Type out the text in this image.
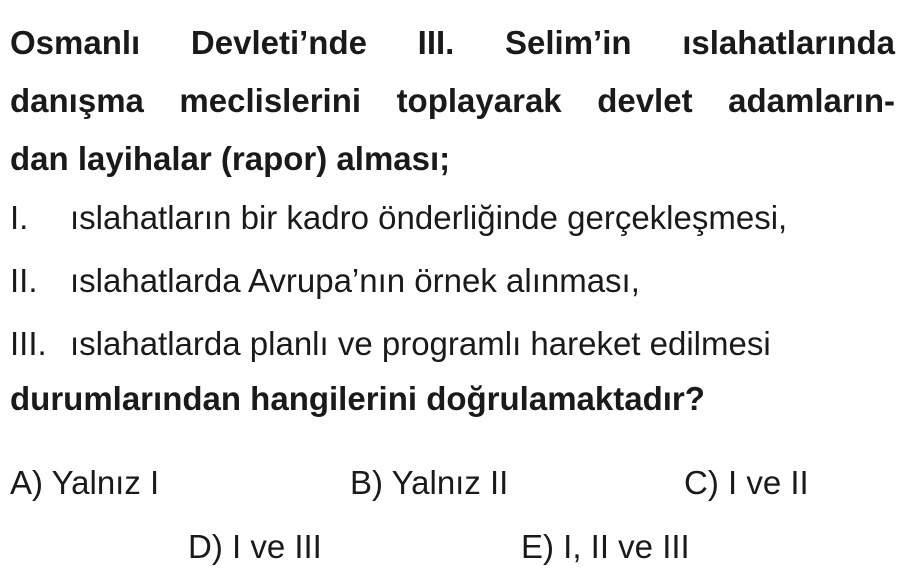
Osmanlı Devleti’nde III. Selim’in ıslahatlarında
danışma meclislerini toplayarak devlet adamların-
dan layihalar (rapor) alması;
I.	ıslahatların bir kadro önderliğinde gerçekleşmesi,
II. ıslahatlarda Avrupa’nın örnek alınması,
III. ıslahatlarda planlı ve programlı hareket edilmesi
durumlarından hangilerini doğrulamaktadır?
A) Yalnız I	B) Yalnız II	C) I ve II
D) I ve III	E) I, II ve III
